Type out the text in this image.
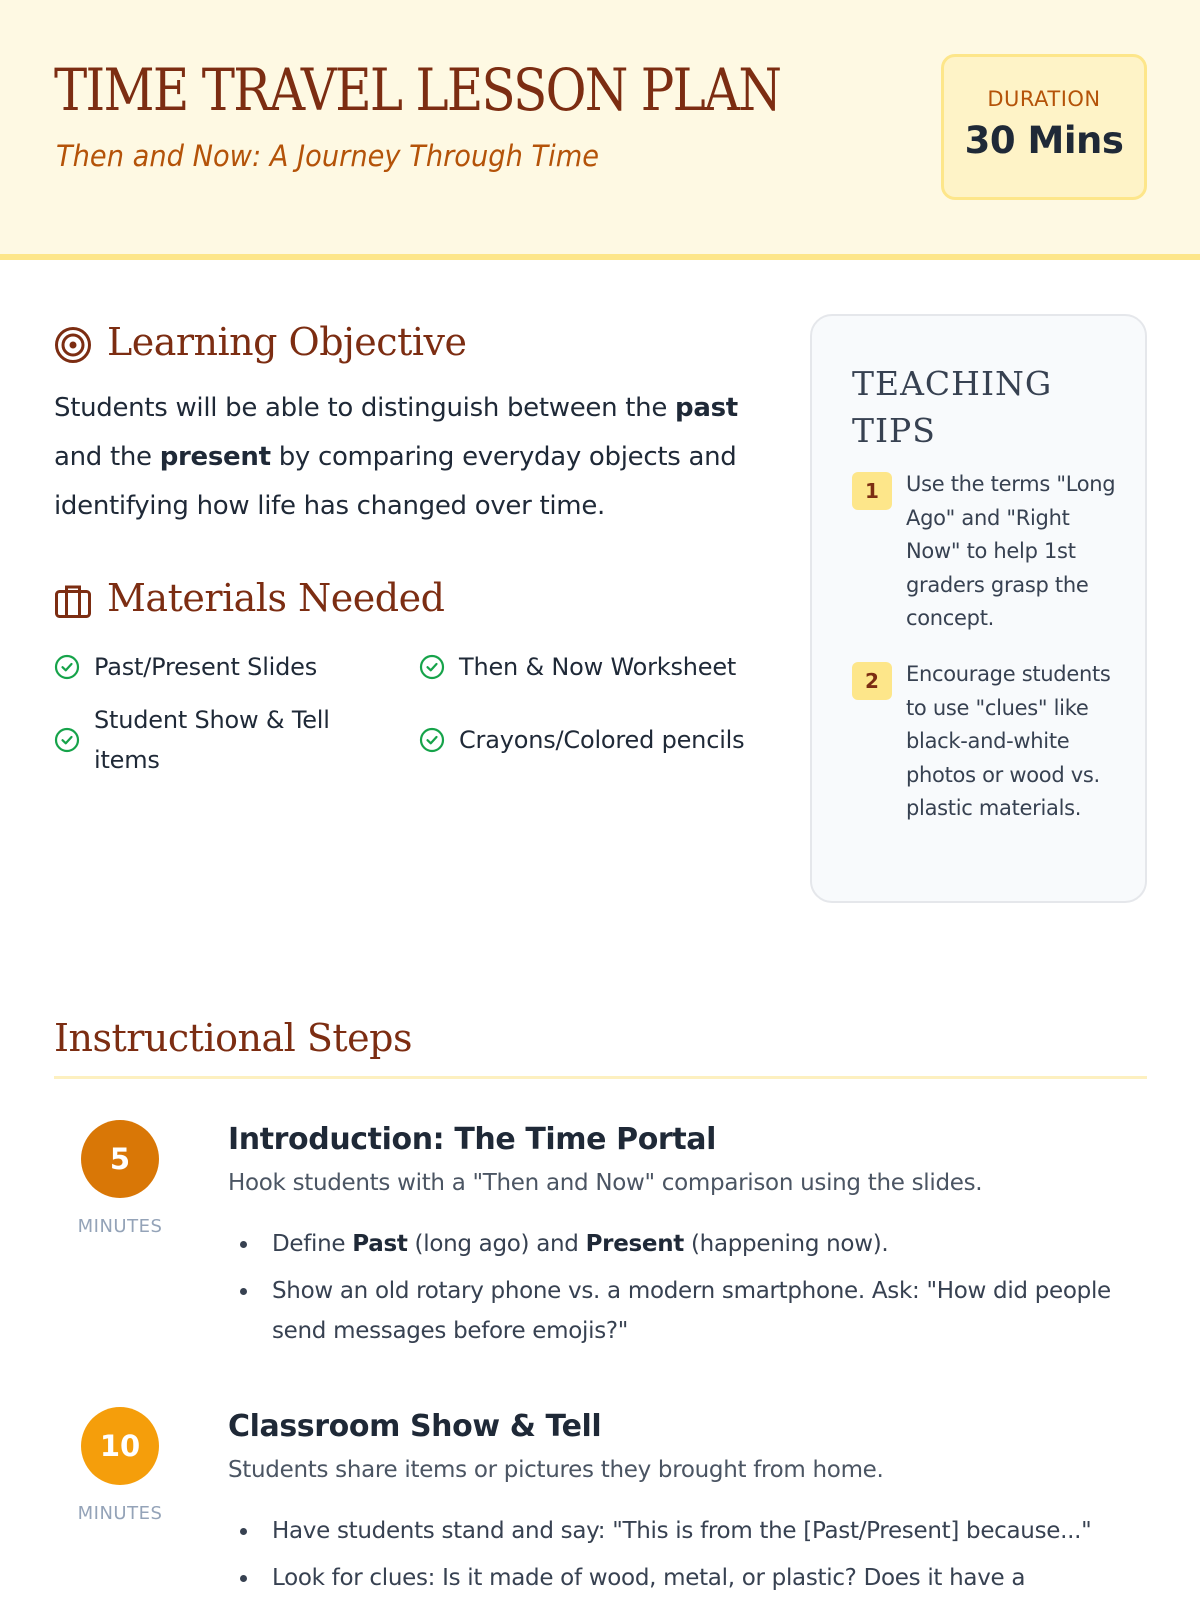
TIME TRAVEL LESSON PLAN
Then and Now: A Journey Through Time
DURATION
30 Mins
Learning Objective
Students will be able to distinguish between the past and the present by comparing everyday objects and identifying how life has changed over time.
Materials Needed
Past/Present Slides	Then & Now Worksheet
Student Show & Tell items
Crayons/Colored pencils
TEACHING TIPS
1	Use the terms "Long Ago" and "Right Now" to help 1st graders grasp the concept.
2	Encourage students to use "clues" like black-and-white photos or wood vs. plastic materials.
Instructional Steps
5
MINUTES
Introduction: The Time Portal
Hook students with a "Then and Now" comparison using the slides.
• Define Past (long ago) and Present (happening now).
• Show an old rotary phone vs. a modern smartphone. Ask: "How did people send messages before emojis?"
10
MINUTES
Classroom Show & Tell
Students share items or pictures they brought from home.
• Have students stand and say: "This is from the [Past/Present] because..."
• Look for clues: Is it made of wood, metal, or plastic? Does it have a
